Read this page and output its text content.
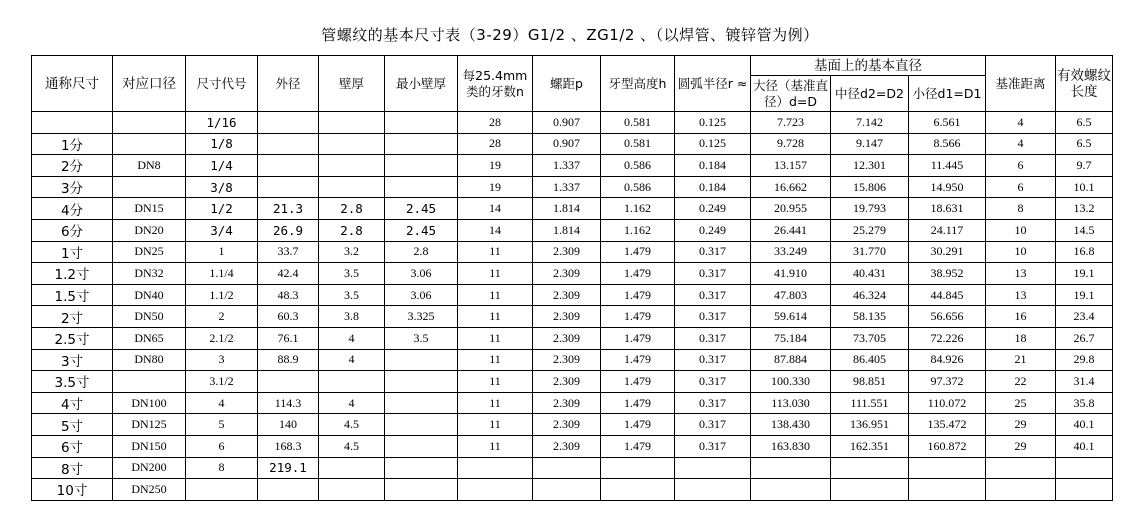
管螺纹的基本尺寸表（3-29）G1/2 、ZG1/2 、（以焊管、镀锌管为例）
通称尺寸	对应口径	尺寸代号	外径	壁厚	最小壁厚	每25.4mm类的牙数n	螺距p	牙型高度h	圆弧半径r ≈	基面上的基本直径			基准距离	有效螺纹长度
										大径（基准直径）d=D	中径d2=D2	小径d1=D1		
		1/16				28	0.907	0.581	0.125	7.723	7.142	6.561	4	6.5
1分		1/8				28	0.907	0.581	0.125	9.728	9.147	8.566	4	6.5
2分	DN8	1/4				19	1.337	0.586	0.184	13.157	12.301	11.445	6	9.7
3分		3/8				19	1.337	0.586	0.184	16.662	15.806	14.950	6	10.1
4分	DN15	1/2	21.3	2.8	2.45	14	1.814	1.162	0.249	20.955	19.793	18.631	8	13.2
6分	DN20	3/4	26.9	2.8	2.45	14	1.814	1.162	0.249	26.441	25.279	24.117	10	14.5
1寸	DN25	1	33.7	3.2	2.8	11	2.309	1.479	0.317	33.249	31.770	30.291	10	16.8
1.2寸	DN32	1.1/4	42.4	3.5	3.06	11	2.309	1.479	0.317	41.910	40.431	38.952	13	19.1
1.5寸	DN40	1.1/2	48.3	3.5	3.06	11	2.309	1.479	0.317	47.803	46.324	44.845	13	19.1
2寸	DN50	2	60.3	3.8	3.325	11	2.309	1.479	0.317	59.614	58.135	56.656	16	23.4
2.5寸	DN65	2.1/2	76.1	4	3.5	11	2.309	1.479	0.317	75.184	73.705	72.226	18	26.7
3寸	DN80	3	88.9	4		11	2.309	1.479	0.317	87.884	86.405	84.926	21	29.8
3.5寸		3.1/2				11	2.309	1.479	0.317	100.330	98.851	97.372	22	31.4
4寸	DN100	4	114.3	4		11	2.309	1.479	0.317	113.030	111.551	110.072	25	35.8
5寸	DN125	5	140	4.5		11	2.309	1.479	0.317	138.430	136.951	135.472	29	40.1
6寸	DN150	6	168.3	4.5		11	2.309	1.479	0.317	163.830	162.351	160.872	29	40.1
8寸	DN200	8	219.1											
10寸	DN250													
